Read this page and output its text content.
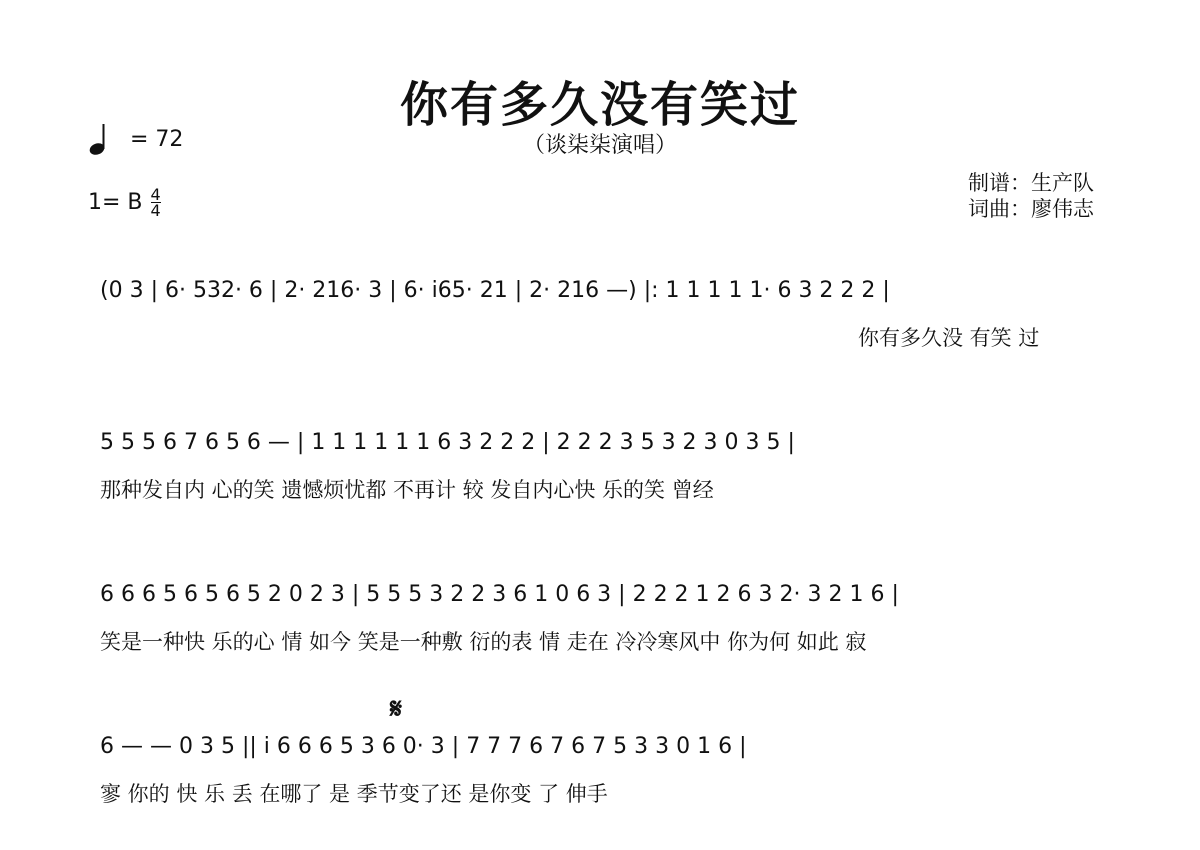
你有多久没有笑过
（谈柒柒演唱）
= 72
1= B $\frac{4}{4}$
制谱：生产队
词曲：廖伟志
(0 3 | 6· 532· 6 | 2· 216· 3 | 6· i65· 21 | 2· 216 —) |: 1 1 1 1 1· 6 3 2 2 2 |
你有多久没 有笑 过
5 5 5 6 7 6 5 6 — | 1 1 1 1 1 1 6 3 2 2 2 | 2 2 2 3 5 3 2 3 0 3 5 |
那种发自内 心的笑 遗憾烦忧都 不再计 较 发自内心快 乐的笑 曾经
6 6 6 5 6 5 6 5 2 0 2 3 | 5 5 5 3 2 2 3 6 1 0 6 3 | 2 2 2 1 2 6 3 2· 3 2 1 6 |
笑是一种快 乐的心 情 如今 笑是一种敷 衍的表 情 走在 冷冷寒风中 你为何 如此 寂
𝄋
6 — — 0 3 5 || i 6 6 6 5 3 6 0· 3 | 7 7 7 6 7 6 7 5 3 3 0 1 6 |
寥 你的 快 乐 丢 在哪了 是 季节变了还 是你变 了 伸手
